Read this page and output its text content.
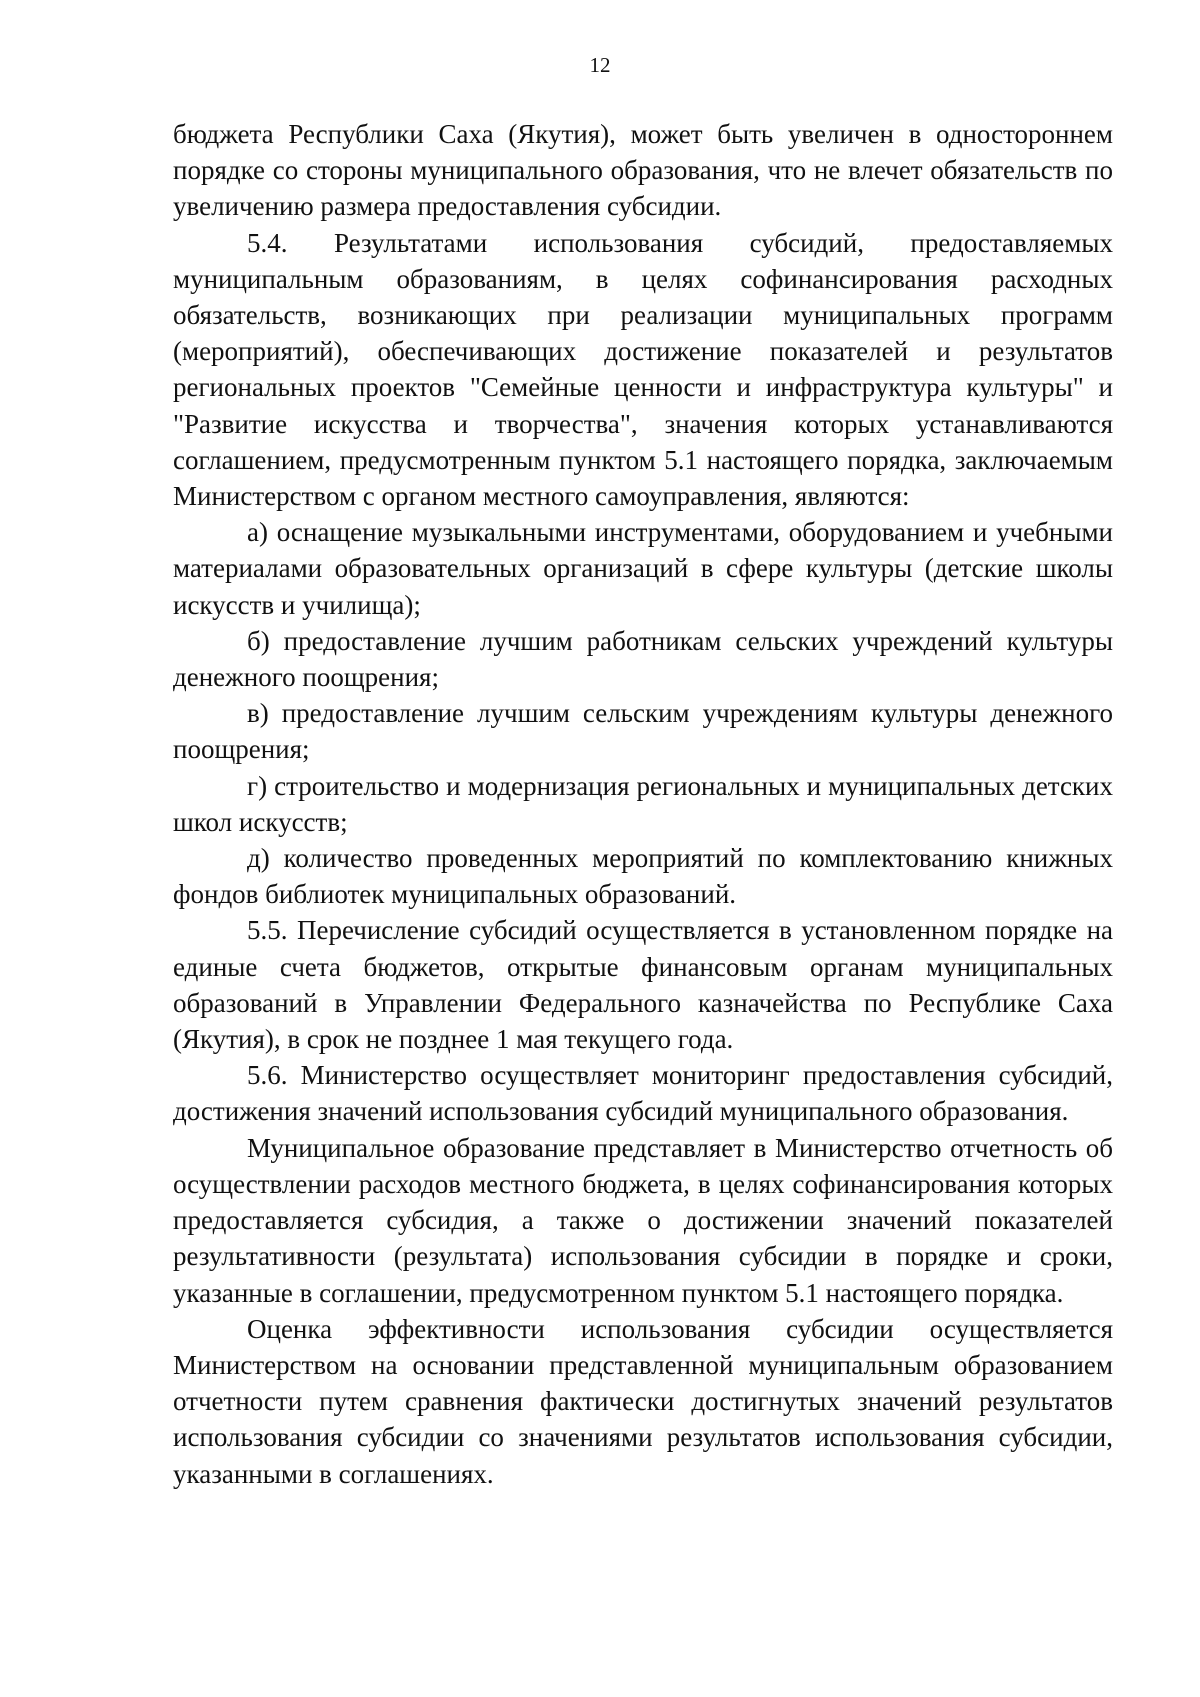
12

бюджета Республики Саха (Якутия), может быть увеличен в одностороннем порядке со стороны муниципального образования, что не влечет обязательств по увеличению размера предоставления субсидии.

5.4. Результатами использования субсидий, предоставляемых муниципальным образованиям, в целях софинансирования расходных обязательств, возникающих при реализации муниципальных программ (мероприятий), обеспечивающих достижение показателей и результатов региональных проектов "Семейные ценности и инфраструктура культуры" и "Развитие искусства и творчества", значения которых устанавливаются соглашением, предусмотренным пунктом 5.1 настоящего порядка, заключаемым Министерством с органом местного самоуправления, являются:

а) оснащение музыкальными инструментами, оборудованием и учебными материалами образовательных организаций в сфере культуры (детские школы искусств и училища);

б) предоставление лучшим работникам сельских учреждений культуры денежного поощрения;

в) предоставление лучшим сельским учреждениям культуры денежного поощрения;

г) строительство и модернизация региональных и муниципальных детских школ искусств;

д) количество проведенных мероприятий по комплектованию книжных фондов библиотек муниципальных образований.

5.5. Перечисление субсидий осуществляется в установленном порядке на единые счета бюджетов, открытые финансовым органам муниципальных образований в Управлении Федерального казначейства по Республике Саха (Якутия), в срок не позднее 1 мая текущего года.

5.6. Министерство осуществляет мониторинг предоставления субсидий, достижения значений использования субсидий муниципального образования.

Муниципальное образование представляет в Министерство отчетность об осуществлении расходов местного бюджета, в целях софинансирования которых предоставляется субсидия, а также о достижении значений показателей результативности (результата) использования субсидии в порядке и сроки, указанные в соглашении, предусмотренном пунктом 5.1 настоящего порядка.

Оценка эффективности использования субсидии осуществляется Министерством на основании представленной муниципальным образованием отчетности путем сравнения фактически достигнутых значений результатов использования субсидии со значениями результатов использования субсидии, указанными в соглашениях.
